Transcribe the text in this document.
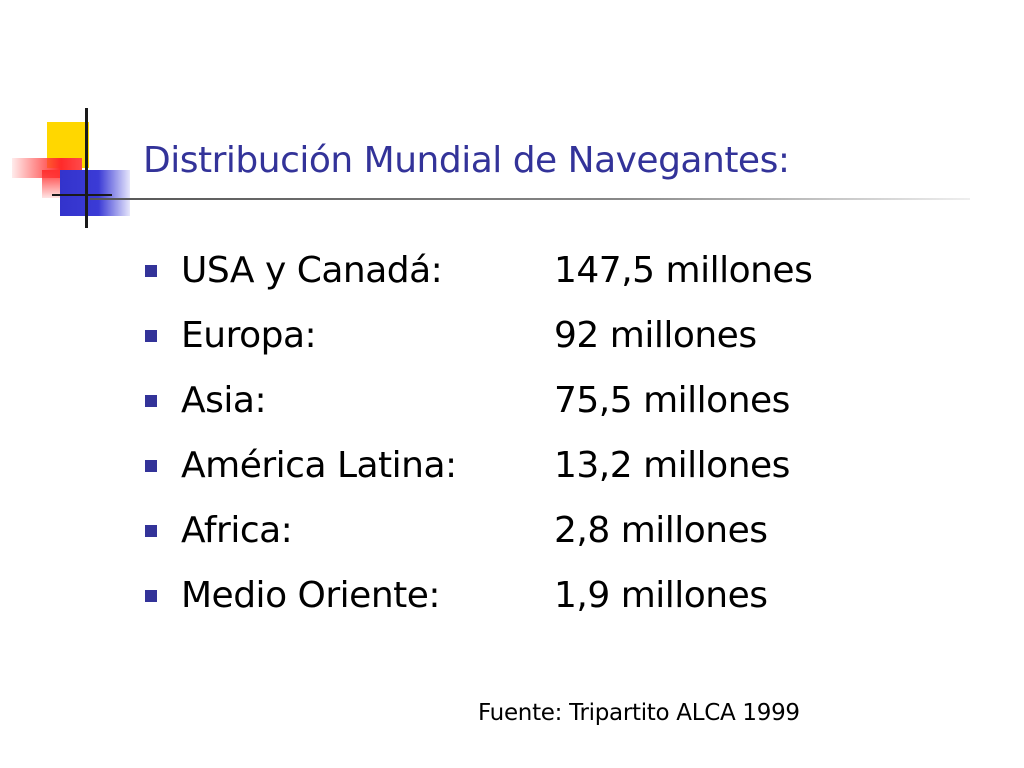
Distribución Mundial de Navegantes:
USA y Canadá:	147,5 millones
Europa:	92 millones
Asia:	75,5 millones
América Latina:	13,2 millones
Africa:	2,8 millones
Medio Oriente:	1,9 millones
Fuente: Tripartito ALCA 1999
